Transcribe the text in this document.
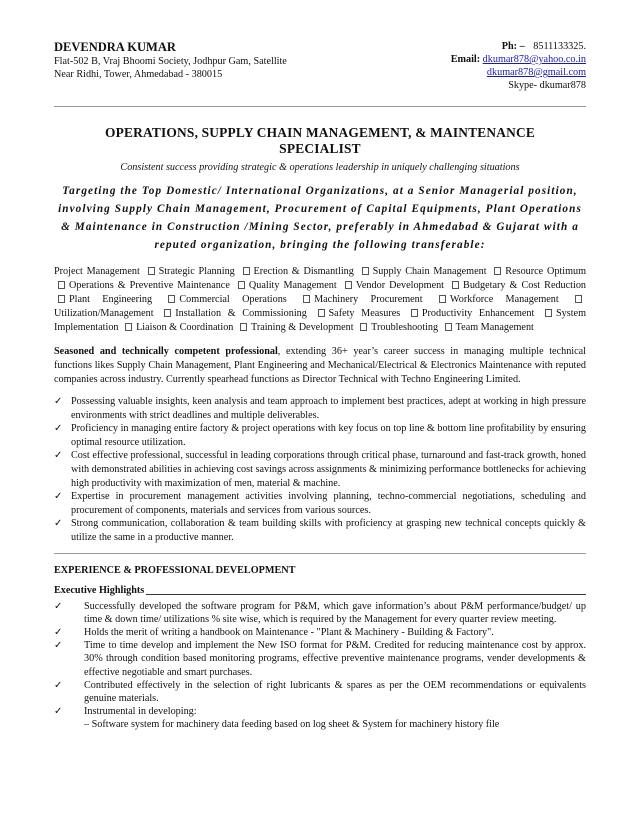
DEVENDRA KUMAR
Flat-502 B, Vraj Bhoomi Society, Jodhpur Gam, Satellite
Near Ridhi, Tower, Ahmedabad - 380015
Ph: – 8511133325.
Email: dkumar878@yahoo.co.in
dkumar878@gmail.com
Skype- dkumar878
OPERATIONS, SUPPLY CHAIN MANAGEMENT, & MAINTENANCE
SPECIALIST
Consistent success providing strategic & operations leadership in uniquely challenging situations
Targeting the Top Domestic/ International Organizations, at a Senior Managerial position, involving Supply Chain Management, Procurement of Capital Equipments, Plant Operations & Maintenance in Construction /Mining Sector, preferably in Ahmedabad & Gujarat with a reputed organization, bringing the following transferable:
Project Management Strategic Planning Erection & Dismantling Supply Chain Management Resource Optimum Operations & Preventive Maintenance Quality Management Vendor Development Budgetary & Cost Reduction Plant Engineering	Commercial Operations	Machinery Procurement	Workforce Management Utilization/Management Installation & Commissioning Safety Measures Productivity Enhancement System Implementation Liaison & Coordination Training & Development Troubleshooting Team Management
Seasoned and technically competent professional, extending 36+ year’s career success in managing multiple technical functions likes Supply Chain Management, Plant Engineering and Mechanical/Electrical & Electronics Maintenance with reputed companies across industry. Currently spearhead functions as Director Technical with Techno Engineering Limited.
✓ Possessing valuable insights, keen analysis and team approach to implement best practices, adept at working in high pressure environments with strict deadlines and multiple deliverables.
✓ Proficiency in managing entire factory & project operations with key focus on top line & bottom line profitability by ensuring optimal resource utilization.
✓ Cost effective professional, successful in leading corporations through critical phase, turnaround and fast-track growth, honed with demonstrated abilities in achieving cost savings across assignments & minimizing performance bottlenecks for achieving high productivity with maximization of men, material & machine.
✓ Expertise in procurement management activities involving planning, techno-commercial negotiations, scheduling and procurement of components, materials and services from various sources.
✓ Strong communication, collaboration & team building skills with proficiency at grasping new technical concepts quickly & utilize the same in a productive manner.
EXPERIENCE & PROFESSIONAL DEVELOPMENT
Executive Highlights
✓ Successfully developed the software program for P&M, which gave information’s about P&M performance/budget/ up time & down time/ utilizations % site wise, which is required by the Management for every quarter review meeting.
✓ Holds the merit of writing a handbook on Maintenance - "Plant & Machinery - Building & Factory".
✓ Time to time develop and implement the New ISO format for P&M. Credited for reducing maintenance cost by approx. 30% through condition based monitoring programs, effective preventive maintenance programs, vender developments & effective negotiable and smart purchases.
✓ Contributed effectively in the selection of right lubricants & spares as per the OEM recommendations or equivalents genuine materials.
✓ Instrumental in developing:
– Software system for machinery data feeding based on log sheet & System for machinery history file
